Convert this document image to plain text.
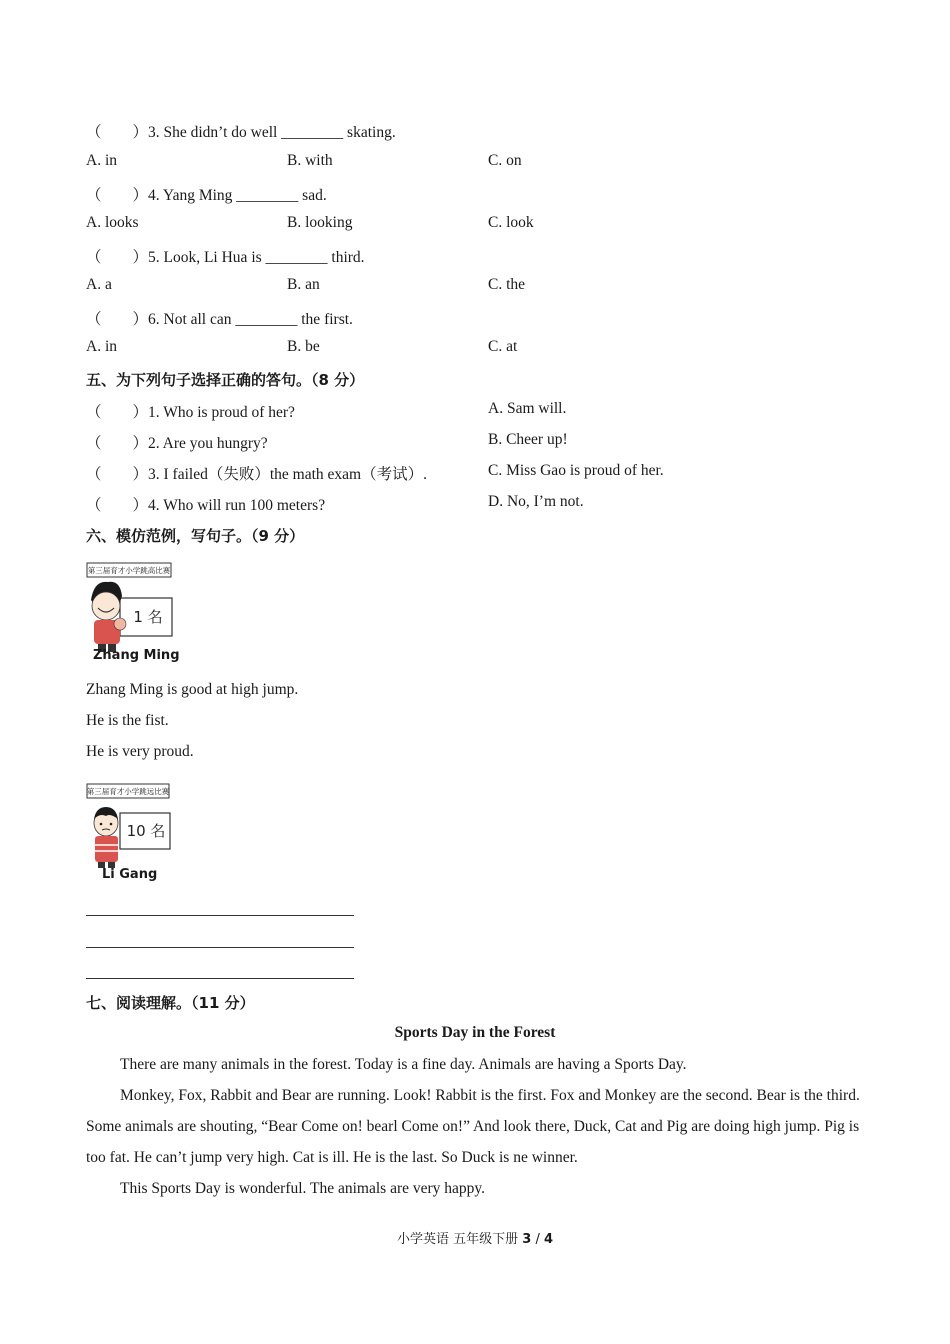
（　　）3. She didn’t do well ________ skating.
A. in	B. with	C. on
（　　）4. Yang Ming ________ sad.
A. looks	B. looking	C. look
（　　）5. Look, Li Hua is ________ third.
A. a	B. an	C. the
（　　）6. Not all can ________ the first.
A. in	B. be	C. at
五、为下列句子选择正确的答句。（8 分）
（　　）1. Who is proud of her?	A. Sam will.
（　　）2. Are you hungry?	B. Cheer up!
（　　）3. I failed（失败）the math exam（考试）.	C. Miss Gao is proud of her.
（　　）4. Who will run 100 meters?	D. No, I’m not.
六、模仿范例，写句子。（9 分）
第三届育才小学跳高比赛
1 名
Zhang Ming
Zhang Ming is good at high jump.
He is the fist.
He is very proud.
第三届育才小学跳远比赛
10 名
Li Gang
七、阅读理解。（11 分）
Sports Day in the Forest
There are many animals in the forest. Today is a fine day. Animals are having a Sports Day.
Monkey, Fox, Rabbit and Bear are running. Look! Rabbit is the first. Fox and Monkey are the second. Bear is the third. Some animals are shouting, “Bear Come on! bearl Come on!” And look there, Duck, Cat and Pig are doing high jump. Pig is too fat. He can’t jump very high. Cat is ill. He is the last. So Duck is ne winner.
This Sports Day is wonderful. The animals are very happy.
小学英语 五年级下册 3 / 4
